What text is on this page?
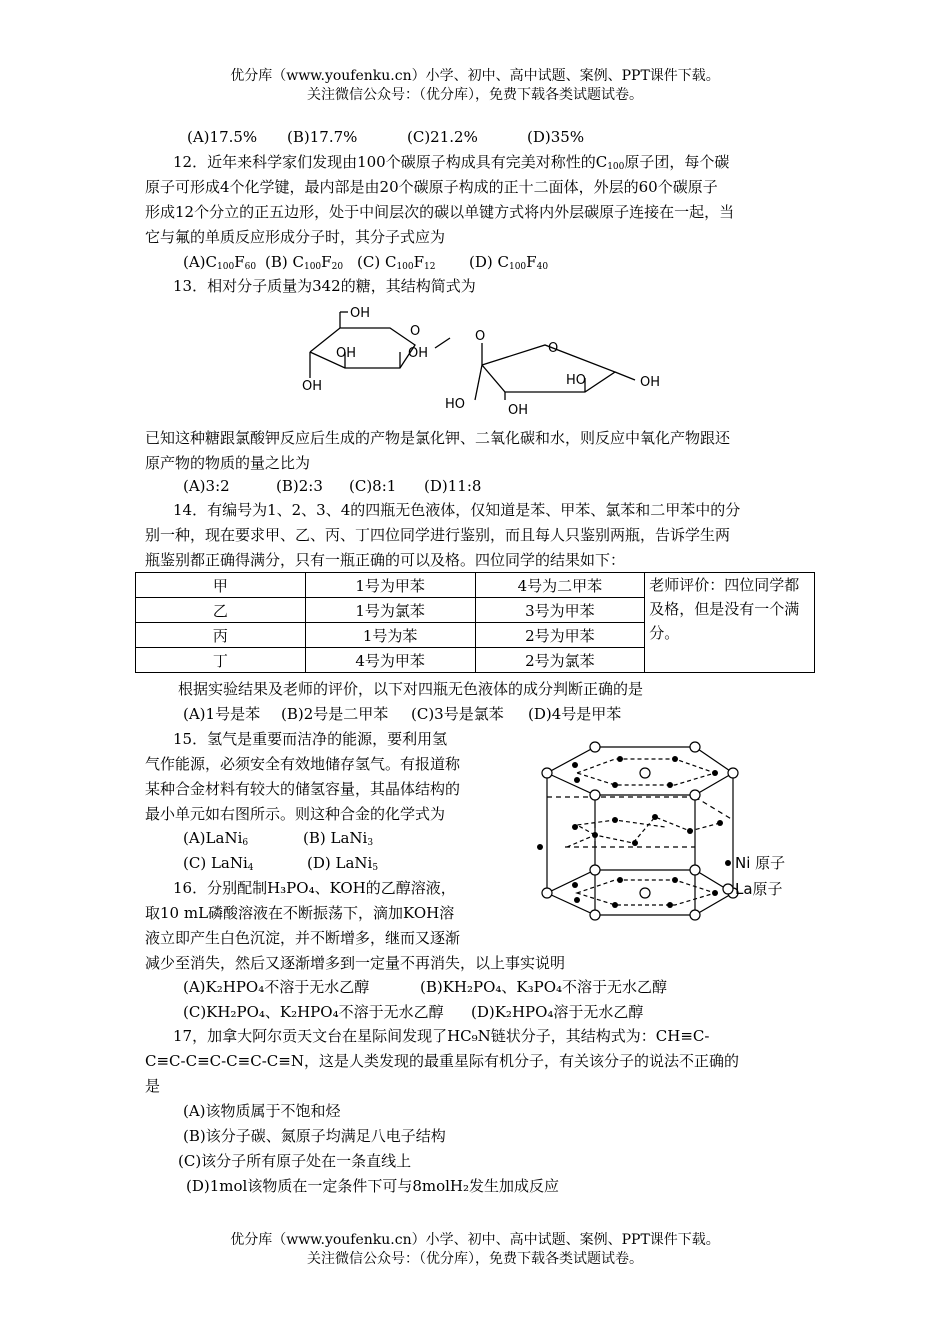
优分库（www.youfenku.cn）小学、初中、高中试题、案例、PPT课件下载。
关注微信公众号：（优分库），免费下载各类试题试卷。
(A)17.5% (B)17.7%	(C)21.2%	(D)35%
12．近年来科学家们发现由100个碳原子构成具有完美对称性的$C_{100}$原子团，每个碳
原子可形成4个化学键，最内部是由20个碳原子构成的正十二面体，外层的60个碳原子
形成12个分立的正五边形，处于中间层次的碳以单键方式将内外层碳原子连接在一起，当
它与氟的单质反应形成分子时，其分子式应为
$(A)C_{100}F_{60}$ (B) $C_{100}F_{20}$ (C) $C_{100}F_{12}$ (D) $C_{100}F_{40}$
13．相对分子质量为342的糖，其结构简式为
OH
O
OH	OH
OH
O
O
HO	OH
HO	OH
已知这种糖跟氯酸钾反应后生成的产物是氯化钾、二氧化碳和水，则反应中氧化产物跟还
原产物的物质的量之比为
(A)3:2	(B)2:3 (C)8:1 (D)11:8
14．有编号为1、2、3、4的四瓶无色液体，仅知道是苯、甲苯、氯苯和二甲苯中的分
别一种，现在要求甲、乙、丙、丁四位同学进行鉴别，而且每人只鉴别两瓶，告诉学生两
瓶鉴别都正确得满分，只有一瓶正确的可以及格。四位同学的结果如下：
甲	1号为甲苯	4号为二甲苯	老师评价：四位同学都及格，但是没有一个满分。
乙	1号为氯苯	3号为甲苯	
丙	1号为苯	2号为甲苯	
丁	4号为甲苯	2号为氯苯	
根据实验结果及老师的评价，以下对四瓶无色液体的成分判断正确的是
(A)1号是苯 (B)2号是二甲苯 (C)3号是氯苯 (D)4号是甲苯
15．氢气是重要而洁净的能源，要利用氢
气作能源，必须安全有效地储存氢气。有报道称
某种合金材料有较大的储氢容量，其晶体结构的
最小单元如右图所示。则这种合金的化学式为
(A)LaNi$_6$	(B) LaNi$_3$
(C) LaNi$_4$	(D) LaNi$_5$	Ni 原子
La原子
16．分别配制H₃PO₄、KOH的乙醇溶液，
取10 mL磷酸溶液在不断振荡下，滴加KOH溶
液立即产生白色沉淀，并不断增多，继而又逐渐
减少至消失，然后又逐渐增多到一定量不再消失，以上事实说明
(A)K₂HPO₄不溶于无水乙醇	(B)KH₂PO₄、K₃PO₄不溶于无水乙醇
(C)KH₂PO₄、K₂HPO₄不溶于无水乙醇 (D)K₂HPO₄溶于无水乙醇
17，加拿大阿尔贡天文台在星际间发现了HC₉N链状分子，其结构式为：CH≡C-
C≡C-C≡C-C≡C-C≡N，这是人类发现的最重星际有机分子，有关该分子的说法不正确的
是
(A)该物质属于不饱和烃
(B)该分子碳、氮原子均满足八电子结构
(C)该分子所有原子处在一条直线上
(D)1mol该物质在一定条件下可与8molH₂发生加成反应
优分库（www.youfenku.cn）小学、初中、高中试题、案例、PPT课件下载。
关注微信公众号：（优分库），免费下载各类试题试卷。
